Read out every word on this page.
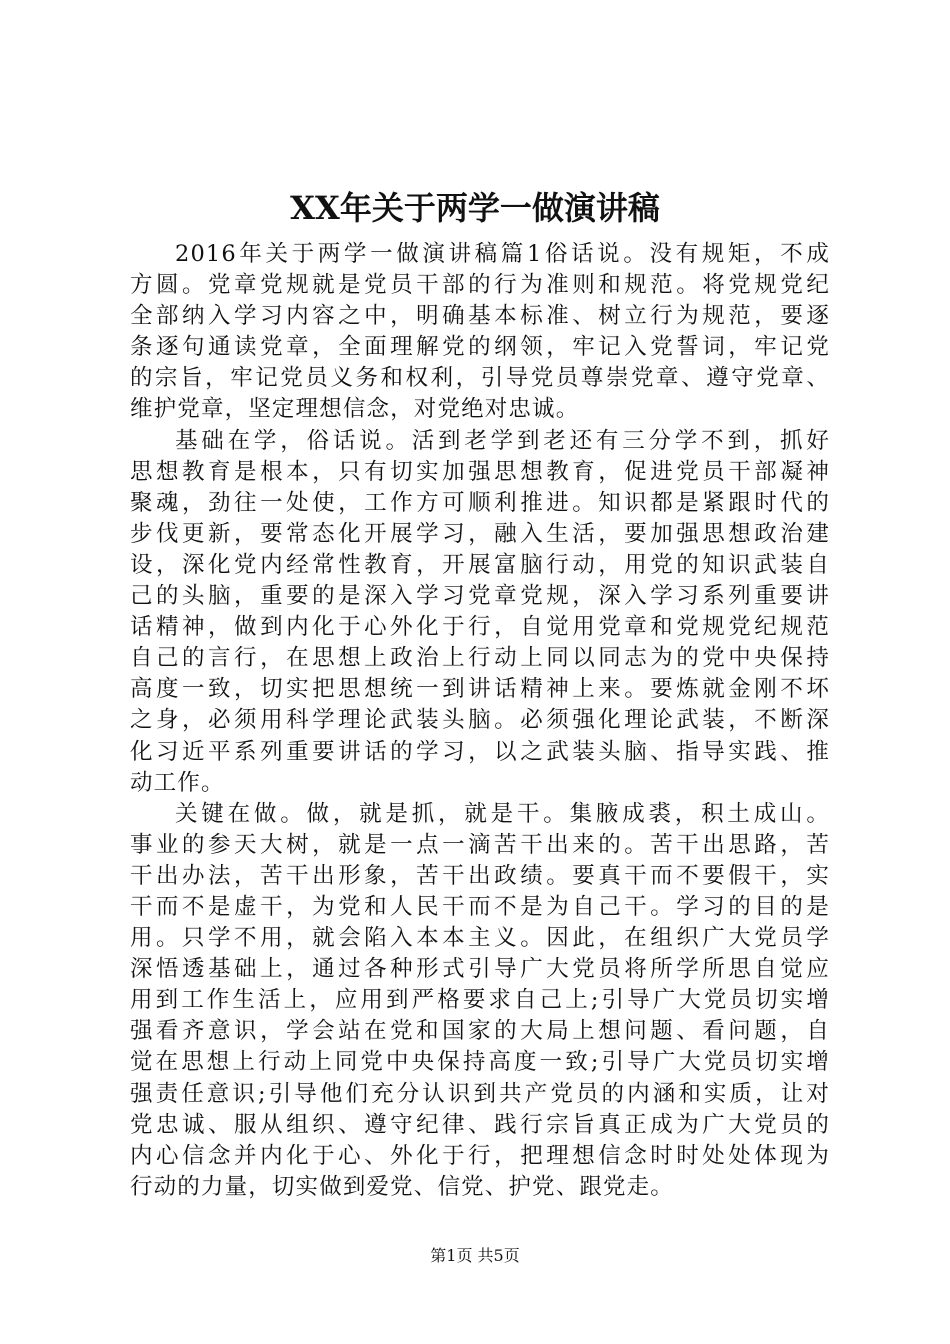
XX年关于两学一做演讲稿
2016年关于两学一做演讲稿篇1俗话说。没有规矩，不成
方圆。党章党规就是党员干部的行为准则和规范。将党规党纪
全部纳入学习内容之中，明确基本标准、树立行为规范，要逐
条逐句通读党章，全面理解党的纲领，牢记入党誓词，牢记党
的宗旨，牢记党员义务和权利，引导党员尊崇党章、遵守党章、
维护党章，坚定理想信念，对党绝对忠诚。
基础在学，俗话说。活到老学到老还有三分学不到，抓好
思想教育是根本，只有切实加强思想教育，促进党员干部凝神
聚魂，劲往一处使，工作方可顺利推进。知识都是紧跟时代的
步伐更新，要常态化开展学习，融入生活，要加强思想政治建
设，深化党内经常性教育，开展富脑行动，用党的知识武装自
己的头脑，重要的是深入学习党章党规，深入学习系列重要讲
话精神，做到内化于心外化于行，自觉用党章和党规党纪规范
自己的言行，在思想上政治上行动上同以同志为的党中央保持
高度一致，切实把思想统一到讲话精神上来。要炼就金刚不坏
之身，必须用科学理论武装头脑。必须强化理论武装，不断深
化习近平系列重要讲话的学习，以之武装头脑、指导实践、推
动工作。
关键在做。做，就是抓，就是干。集腋成裘，积土成山。
事业的参天大树，就是一点一滴苦干出来的。苦干出思路，苦
干出办法，苦干出形象，苦干出政绩。要真干而不要假干，实
干而不是虚干，为党和人民干而不是为自己干。学习的目的是
用。只学不用，就会陷入本本主义。因此，在组织广大党员学
深悟透基础上，通过各种形式引导广大党员将所学所思自觉应
用到工作生活上，应用到严格要求自己上;引导广大党员切实增
强看齐意识，学会站在党和国家的大局上想问题、看问题，自
觉在思想上行动上同党中央保持高度一致;引导广大党员切实增
强责任意识;引导他们充分认识到共产党员的内涵和实质，让对
党忠诚、服从组织、遵守纪律、践行宗旨真正成为广大党员的
内心信念并内化于心、外化于行，把理想信念时时处处体现为
行动的力量，切实做到爱党、信党、护党、跟党走。
第1页 共5页
